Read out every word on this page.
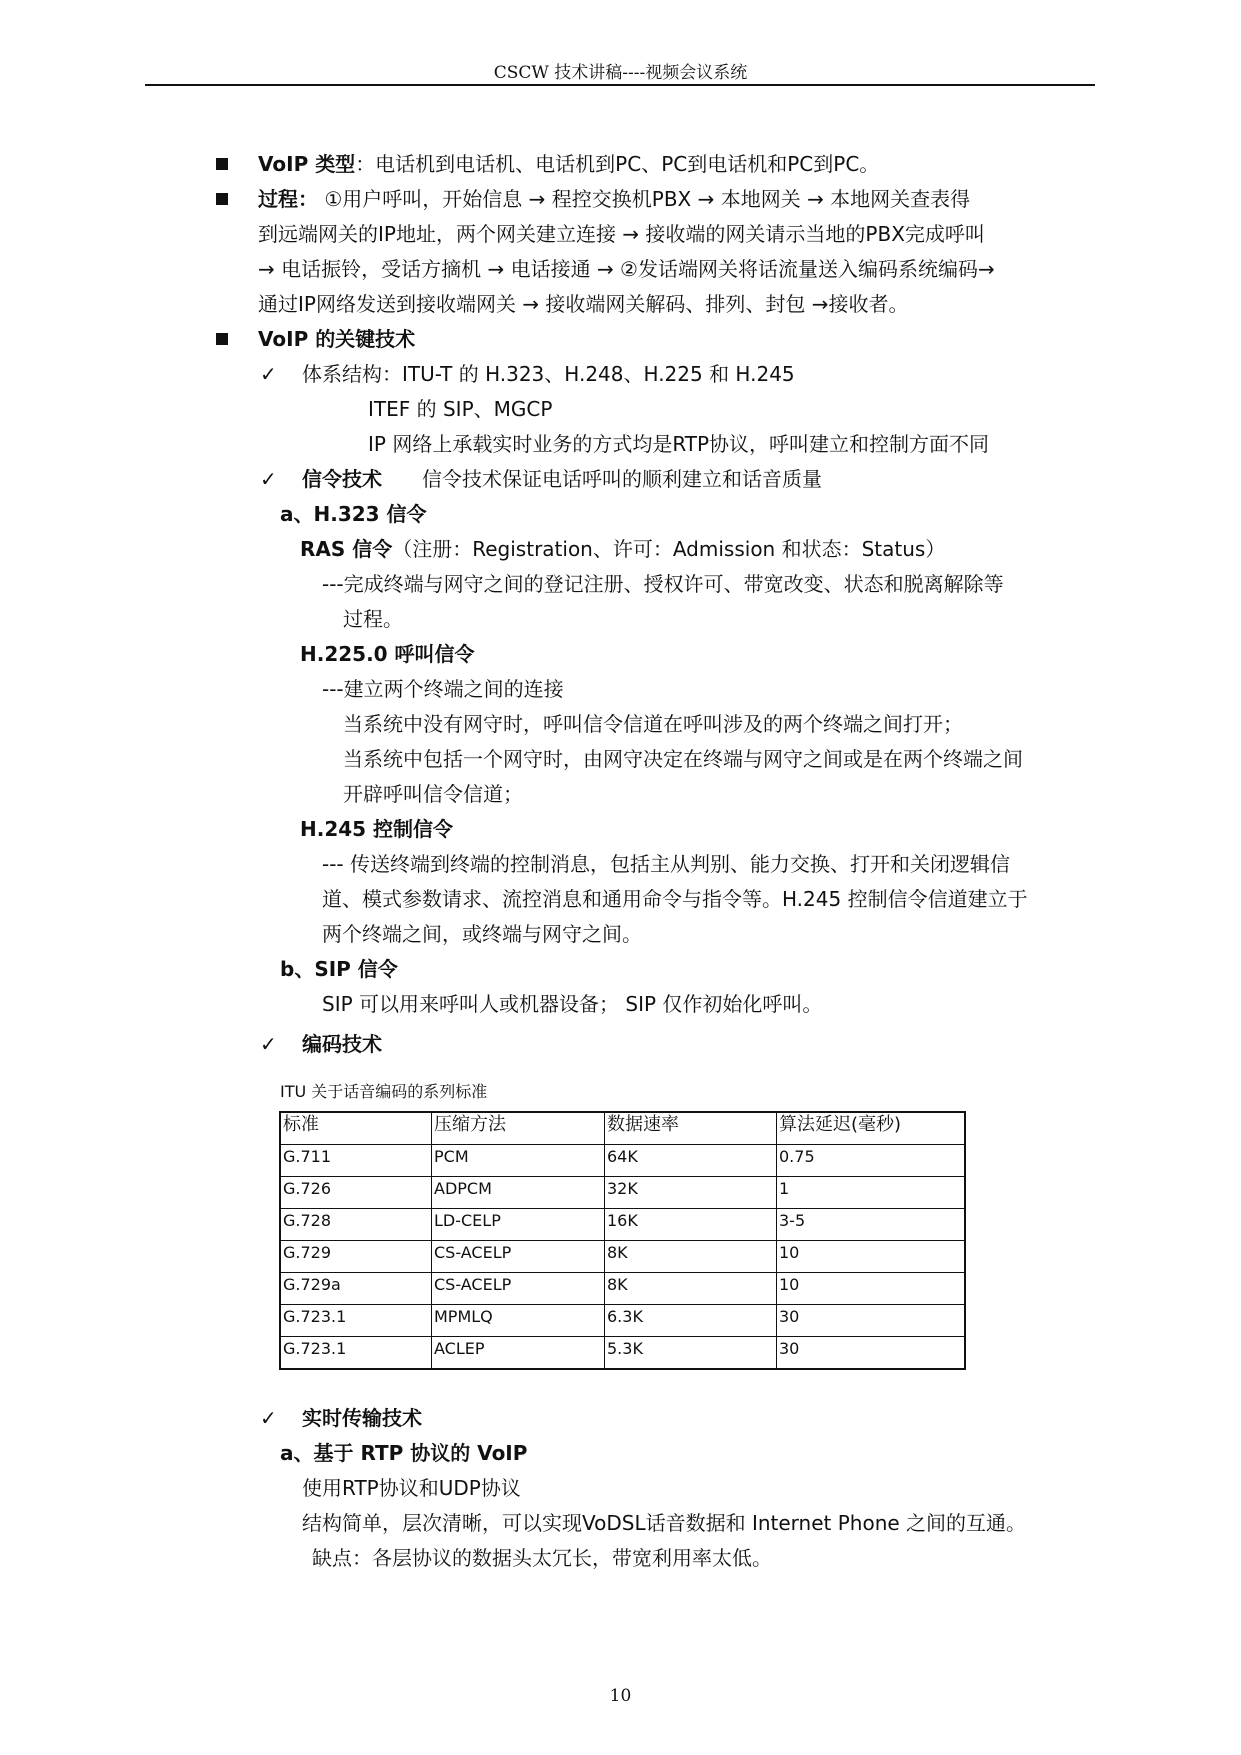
CSCW 技术讲稿----视频会议系统
VoIP 类型：电话机到电话机、电话机到PC、PC到电话机和PC到PC。
过程： ①用户呼叫，开始信息 → 程控交换机PBX → 本地网关 → 本地网关查表得
到远端网关的IP地址，两个网关建立连接 → 接收端的网关请示当地的PBX完成呼叫
→ 电话振铃，受话方摘机 → 电话接通 → ②发话端网关将话流量送入编码系统编码→
通过IP网络发送到接收端网关 → 接收端网关解码、排列、封包 →接收者。
VoIP 的关键技术
✓ 体系结构：ITU-T 的 H.323、H.248、H.225 和 H.245
ITEF 的 SIP、MGCP
IP 网络上承载实时业务的方式均是RTP协议，呼叫建立和控制方面不同
✓ 信令技术 信令技术保证电话呼叫的顺利建立和话音质量
a、H.323 信令
RAS 信令（注册：Registration、许可：Admission 和状态：Status）
---完成终端与网守之间的登记注册、授权许可、带宽改变、状态和脱离解除等
过程。
H.225.0 呼叫信令
---建立两个终端之间的连接
当系统中没有网守时，呼叫信令信道在呼叫涉及的两个终端之间打开；
当系统中包括一个网守时，由网守决定在终端与网守之间或是在两个终端之间
开辟呼叫信令信道；
H.245 控制信令
--- 传送终端到终端的控制消息，包括主从判别、能力交换、打开和关闭逻辑信
道、模式参数请求、流控消息和通用命令与指令等。H.245 控制信令信道建立于
两个终端之间，或终端与网守之间。
b、SIP 信令
SIP 可以用来呼叫人或机器设备； SIP 仅作初始化呼叫。
✓ 编码技术
ITU 关于话音编码的系列标准
标准	压缩方法	数据速率	算法延迟(毫秒)
G.711	PCM	64K	0.75
G.726	ADPCM	32K	1
G.728	LD-CELP	16K	3-5
G.729	CS-ACELP	8K	10
G.729a	CS-ACELP	8K	10
G.723.1	MPMLQ	6.3K	30
G.723.1	ACLEP	5.3K	30
✓ 实时传输技术
a、基于 RTP 协议的 VoIP
使用RTP协议和UDP协议
结构简单，层次清晰，可以实现VoDSL话音数据和 Internet Phone 之间的互通。
缺点：各层协议的数据头太冗长，带宽利用率太低。
10
